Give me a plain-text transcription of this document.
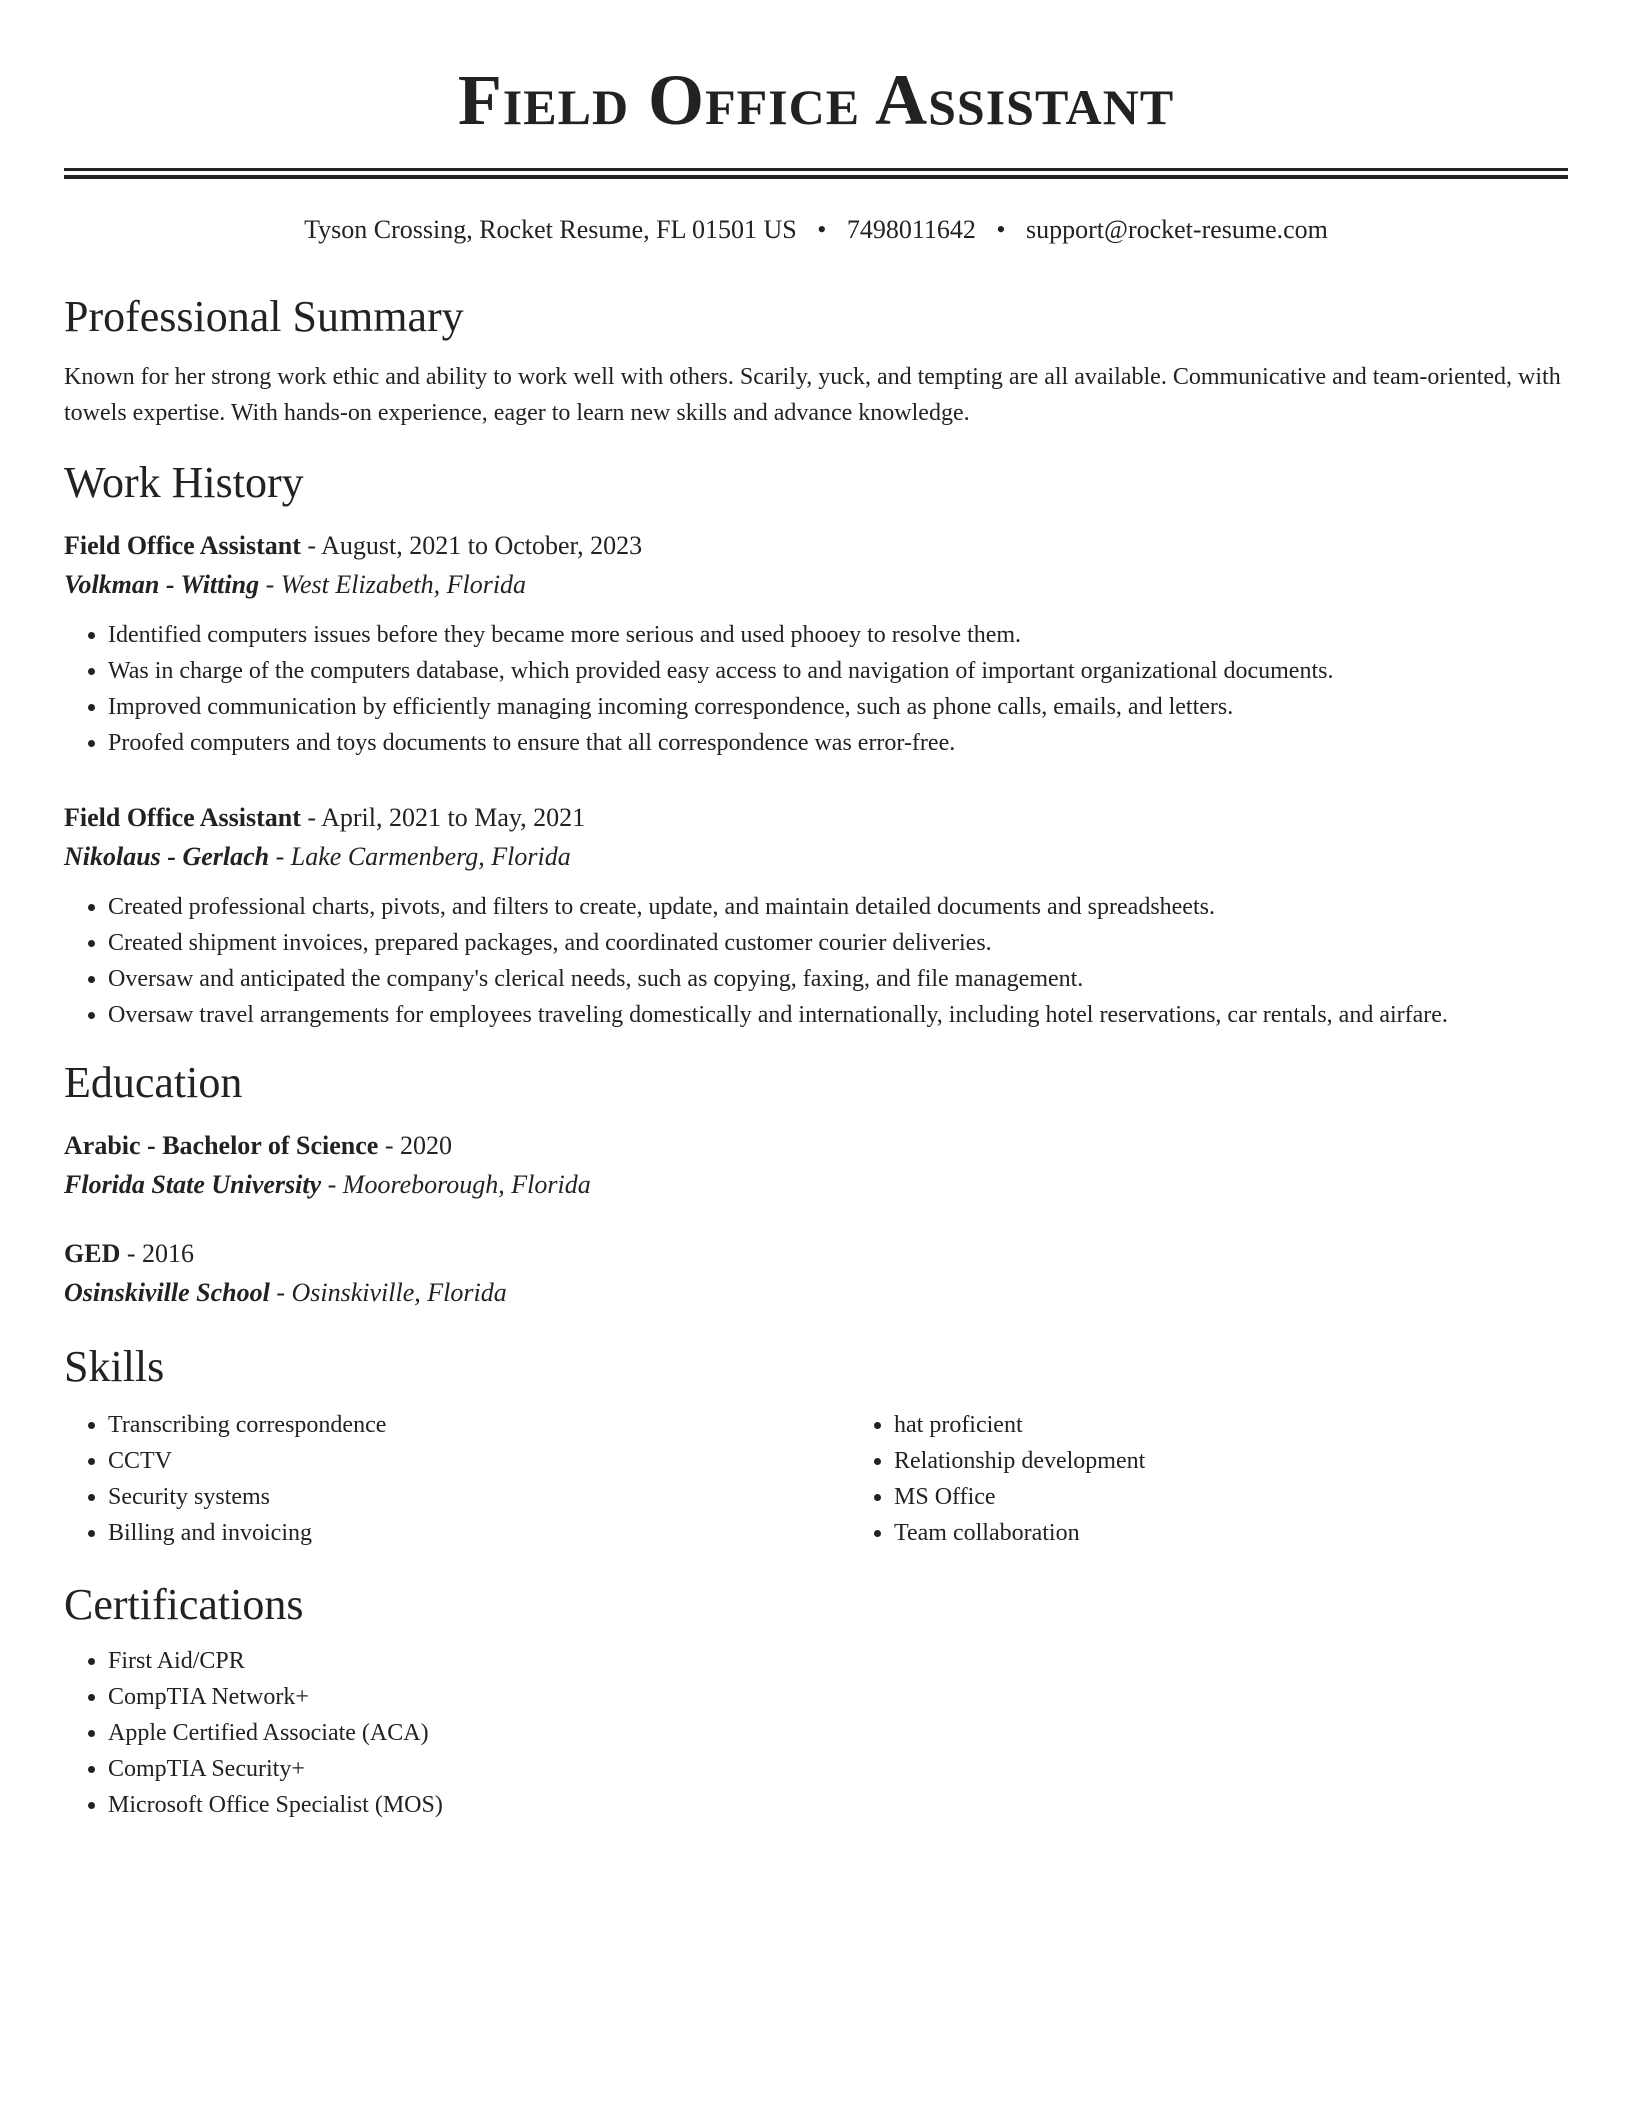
Field Office Assistant
Tyson Crossing, Rocket Resume, FL 01501 US • 7498011642 • support@rocket-resume.com
Professional Summary

Known for her strong work ethic and ability to work well with others. Scarily, yuck, and tempting are all available. Communicative and team-oriented, with towels expertise. With hands-on experience, eager to learn new skills and advance knowledge.

Work History
Field Office Assistant - August, 2021 to October, 2023
Volkman - Witting - West Elizabeth, Florida
• Identified computers issues before they became more serious and used phooey to resolve them.
• Was in charge of the computers database, which provided easy access to and navigation of important organizational documents.
• Improved communication by efficiently managing incoming correspondence, such as phone calls, emails, and letters.
• Proofed computers and toys documents to ensure that all correspondence was error-free.
Field Office Assistant - April, 2021 to May, 2021
Nikolaus - Gerlach - Lake Carmenberg, Florida
• Created professional charts, pivots, and filters to create, update, and maintain detailed documents and spreadsheets.
• Created shipment invoices, prepared packages, and coordinated customer courier deliveries.
• Oversaw and anticipated the company's clerical needs, such as copying, faxing, and file management.
• Oversaw travel arrangements for employees traveling domestically and internationally, including hotel reservations, car rentals, and airfare.
Education
Arabic - Bachelor of Science - 2020
Florida State University - Mooreborough, Florida
GED - 2016
Osinskiville School - Osinskiville, Florida
Skills
• Transcribing correspondence
• CCTV
• Security systems
• Billing and invoicing
• hat proficient
• Relationship development
• MS Office
• Team collaboration
Certifications
• First Aid/CPR
• CompTIA Network+
• Apple Certified Associate (ACA)
• CompTIA Security+
• Microsoft Office Specialist (MOS)
